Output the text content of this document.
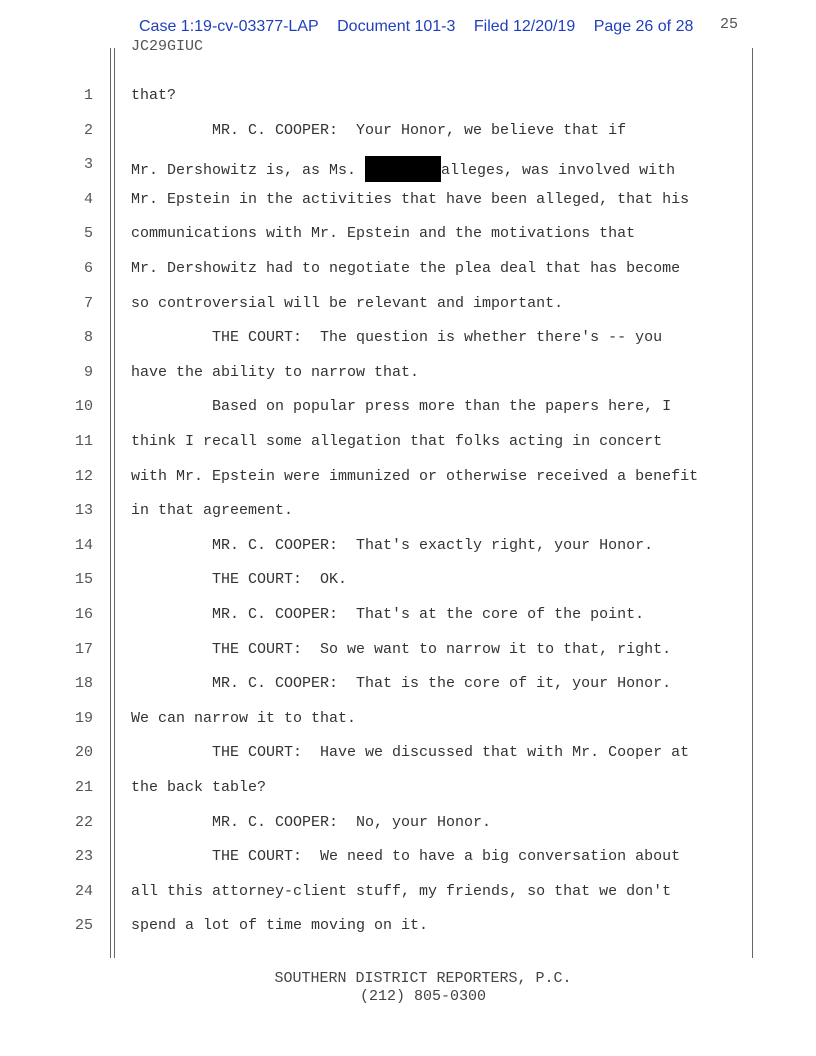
Case 1:19-cv-03377-LAP Document 101-3 Filed 12/20/19 Page 26 of 28	25
JC29GIUC
1	that?
2	MR. C. COOPER:  Your Honor, we believe that if
3	Mr. Dershowitz is, as Ms.	alleges, was involved with
4	Mr. Epstein in the activities that have been alleged, that his
5	communications with Mr. Epstein and the motivations that
6	Mr. Dershowitz had to negotiate the plea deal that has become
7	so controversial will be relevant and important.
8	THE COURT:  The question is whether there's -- you
9	have the ability to narrow that.
10	Based on popular press more than the papers here, I
11	think I recall some allegation that folks acting in concert
12	with Mr. Epstein were immunized or otherwise received a benefit
13	in that agreement.
14	MR. C. COOPER:  That's exactly right, your Honor.
15	THE COURT:  OK.
16	MR. C. COOPER:  That's at the core of the point.
17	THE COURT:  So we want to narrow it to that, right.
18	MR. C. COOPER:  That is the core of it, your Honor.
19	We can narrow it to that.
20	THE COURT:  Have we discussed that with Mr. Cooper at
21	the back table?
22	MR. C. COOPER:  No, your Honor.
23	THE COURT:  We need to have a big conversation about
24	all this attorney-client stuff, my friends, so that we don't
25	spend a lot of time moving on it.
SOUTHERN DISTRICT REPORTERS, P.C.
(212) 805-0300
